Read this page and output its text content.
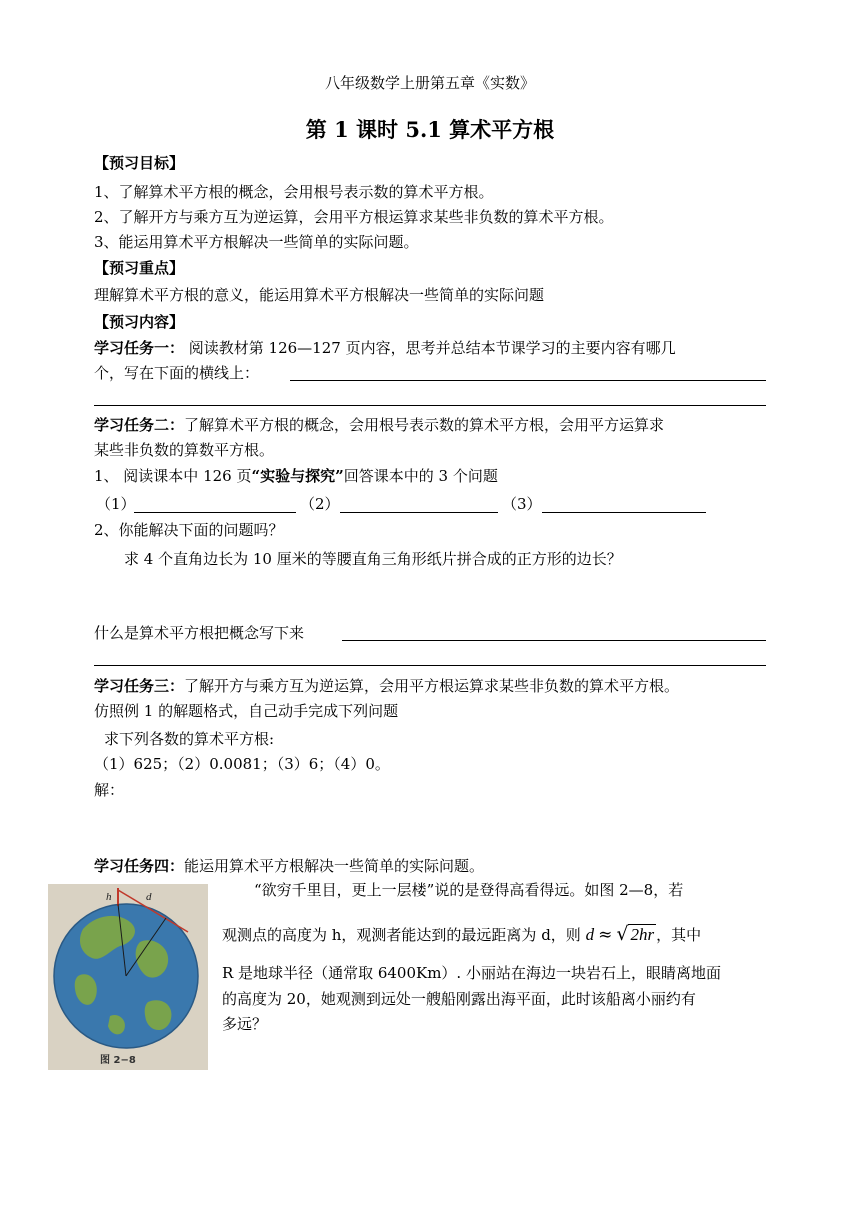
八年级数学上册第五章《实数》
第 1 课时 5.1 算术平方根
【预习目标】
1、了解算术平方根的概念，会用根号表示数的算术平方根。
2、了解开方与乘方互为逆运算，会用平方根运算求某些非负数的算术平方根。
3、能运用算术平方根解决一些简单的实际问题。
【预习重点】
理解算术平方根的意义，能运用算术平方根解决一些简单的实际问题
【预习内容】
学习任务一： 阅读教材第 126—127 页内容，思考并总结本节课学习的主要内容有哪几
个，写在下面的横线上：
学习任务二：了解算术平方根的概念，会用根号表示数的算术平方根，会用平方运算求
某些非负数的算数平方根。
1、 阅读课本中 126 页“实验与探究”回答课本中的 3 个问题
（1）	（2）	（3）
2、你能解决下面的问题吗？
求 4 个直角边长为 10 厘米的等腰直角三角形纸片拼合成的正方形的边长？
什么是算术平方根把概念写下来
学习任务三：了解开方与乘方互为逆运算，会用平方根运算求某些非负数的算术平方根。
仿照例 1 的解题格式，自己动手完成下列问题
求下列各数的算术平方根:
（1）625；（2）0.0081；（3）6；（4）0。
解：
学习任务四：能运用算术平方根解决一些简单的实际问题。
h	d
图 2−8
“欲穷千里目，更上一层楼”说的是登得高看得远。如图 2—8，若
观测点的高度为 h，观测者能达到的最远距离为 d，则 d ≈ √ 2hr ，其中
R 是地球半径（通常取 6400Km）. 小丽站在海边一块岩石上，眼睛离地面
的高度为 20，她观测到远处一艘船刚露出海平面，此时该船离小丽约有
多远？
